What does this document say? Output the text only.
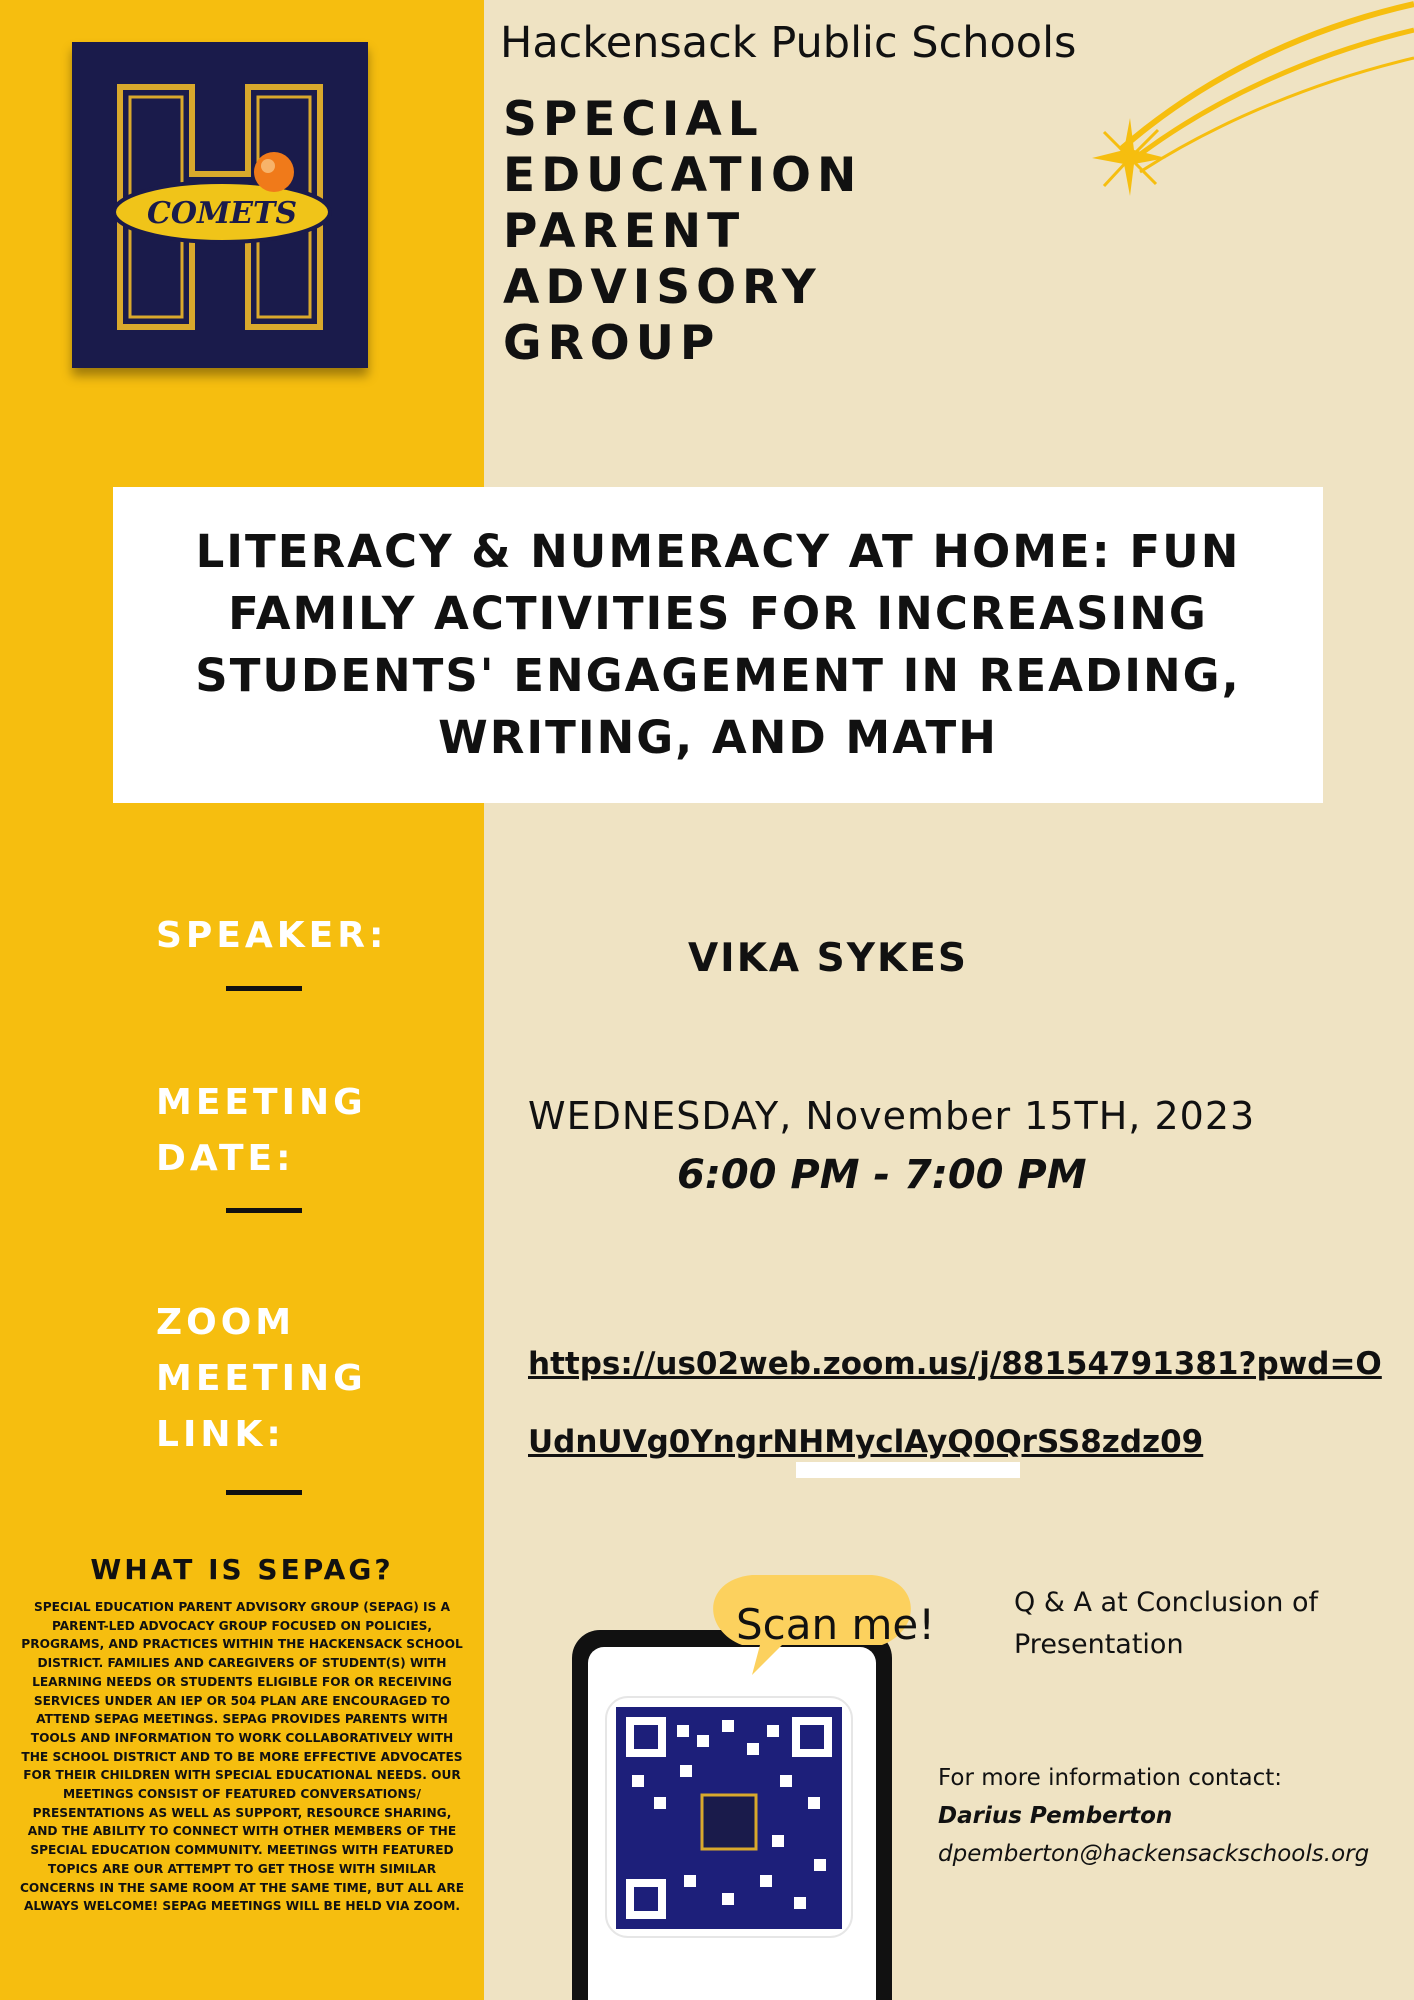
COMETS
Hackensack Public Schools
SPECIAL
EDUCATION
PARENT
ADVISORY
GROUP
LITERACY & NUMERACY AT HOME: FUN FAMILY ACTIVITIES FOR INCREASING STUDENTS' ENGAGEMENT IN READING, WRITING, AND MATH
SPEAKER:
VIKA SYKES
MEETING
DATE:
WEDNESDAY, November 15TH, 2023
6:00 PM - 7:00 PM
ZOOM
MEETING
LINK:
https://us02web.zoom.us/j/88154791381?pwd=OUdnUVg0YngrNHMyclAyQ0QrSS8zdz09
WHAT IS SEPAG?
SPECIAL EDUCATION PARENT ADVISORY GROUP (SEPAG) IS A PARENT-LED ADVOCACY GROUP FOCUSED ON POLICIES, PROGRAMS, AND PRACTICES WITHIN THE HACKENSACK SCHOOL DISTRICT. FAMILIES AND CAREGIVERS OF STUDENT(S) WITH LEARNING NEEDS OR STUDENTS ELIGIBLE FOR OR RECEIVING SERVICES UNDER AN IEP OR 504 PLAN ARE ENCOURAGED TO ATTEND SEPAG MEETINGS. SEPAG PROVIDES PARENTS WITH TOOLS AND INFORMATION TO WORK COLLABORATIVELY WITH THE SCHOOL DISTRICT AND TO BE MORE EFFECTIVE ADVOCATES FOR THEIR CHILDREN WITH SPECIAL EDUCATIONAL NEEDS. OUR MEETINGS CONSIST OF FEATURED CONVERSATIONS/ PRESENTATIONS AS WELL AS SUPPORT, RESOURCE SHARING, AND THE ABILITY TO CONNECT WITH OTHER MEMBERS OF THE SPECIAL EDUCATION COMMUNITY. MEETINGS WITH FEATURED TOPICS ARE OUR ATTEMPT TO GET THOSE WITH SIMILAR CONCERNS IN THE SAME ROOM AT THE SAME TIME, BUT ALL ARE ALWAYS WELCOME! SEPAG MEETINGS WILL BE HELD VIA ZOOM.
Scan me!	Q & A at Conclusion of Presentation
For more information contact:
Darius Pemberton
dpemberton@hackensackschools.org
